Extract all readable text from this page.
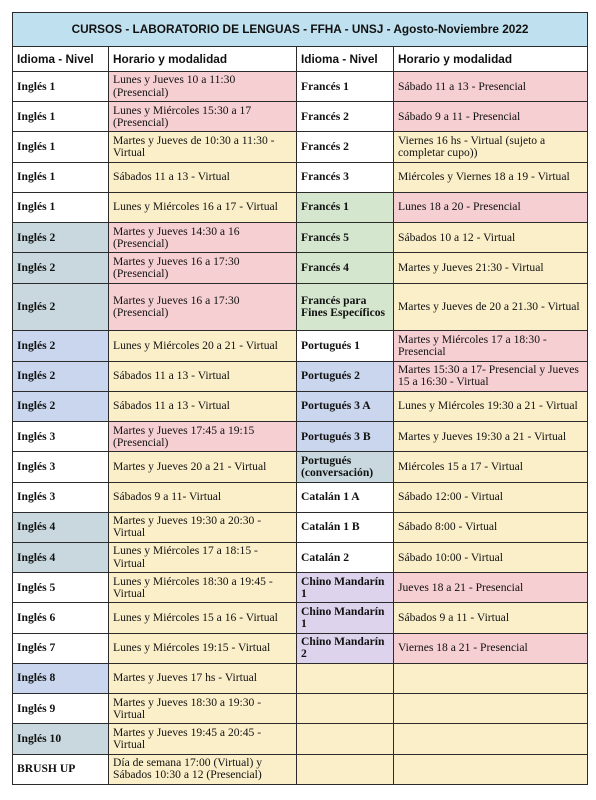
CURSOS - LABORATORIO DE LENGUAS - FFHA - UNSJ - Agosto-Noviembre 2022			
Idioma - Nivel	Horario y modalidad	Idioma - Nivel	Horario y modalidad
Inglés 1	Lunes y Jueves 10 a 11:30 (Presencial)	Francés 1	Sábado 11 a 13 - Presencial
Inglés 1	Lunes y Miércoles 15:30 a 17 (Presencial)	Francés 2	Sábado 9 a 11 - Presencial
Inglés 1	Martes y Jueves de 10:30 a 11:30 - Virtual	Francés 2	Viernes 16 hs - Virtual (sujeto a completar cupo))
Inglés 1	Sábados 11 a 13 - Virtual	Francés 3	Miércoles y Viernes 18 a 19 - Virtual
Inglés 1	Lunes y Miércoles 16 a 17 - Virtual	Francés 1	Lunes 18 a 20 - Presencial
Inglés 2	Martes y Jueves 14:30 a 16 (Presencial)	Francés 5	Sábados 10 a 12 - Virtual
Inglés 2	Martes y Jueves 16 a 17:30 (Presencial)	Francés 4	Martes y Jueves 21:30 - Virtual
Inglés 2	Martes y Jueves 16 a 17:30 (Presencial)	Francés para Fines Específicos	Martes y Jueves de 20 a 21.30 - Virtual
Inglés 2	Lunes y Miércoles 20 a 21 - Virtual	Portugués 1	Martes y Miércoles 17 a 18:30 - Presencial
Inglés 2	Sábados 11 a 13 - Virtual	Portugués 2	Martes 15:30 a 17- Presencial y Jueves 15 a 16:30 - Virtual
Inglés 2	Sábados 11 a 13 - Virtual	Portugués 3 A	Lunes y Miércoles 19:30 a 21 - Virtual
Inglés 3	Martes y Jueves 17:45 a 19:15 (Presencial)	Portugués 3 B	Martes y Jueves 19:30 a 21 - Virtual
Inglés 3	Martes y Jueves 20 a 21 - Virtual	Portugués (conversación)	Miércoles 15 a 17 - Virtual
Inglés 3	Sábados 9 a 11- Virtual	Catalán 1 A	Sábado 12:00 - Virtual
Inglés 4	Martes y Jueves 19:30 a 20:30 - Virtual	Catalán 1 B	Sábado 8:00 - Virtual
Inglés 4	Lunes y Miércoles 17 a 18:15 - Virtual	Catalán 2	Sábado 10:00 - Virtual
Inglés 5	Lunes y Miércoles 18:30 a 19:45 - Virtual	Chino Mandarín 1	Jueves 18 a 21 - Presencial
Inglés 6	Lunes y Miércoles 15 a 16 - Virtual	Chino Mandarín 1	Sábados 9 a 11 - Virtual
Inglés 7	Lunes y Miércoles 19:15 - Virtual	Chino Mandarín 2	Viernes 18 a 21 - Presencial
Inglés 8	Martes y Jueves 17 hs - Virtual		
Inglés 9	Martes y Jueves 18:30 a 19:30 - Virtual		
Inglés 10	Martes y Jueves 19:45 a 20:45 - Virtual		
BRUSH UP	Día de semana 17:00 (Virtual) y Sábados 10:30 a 12 (Presencial)		
